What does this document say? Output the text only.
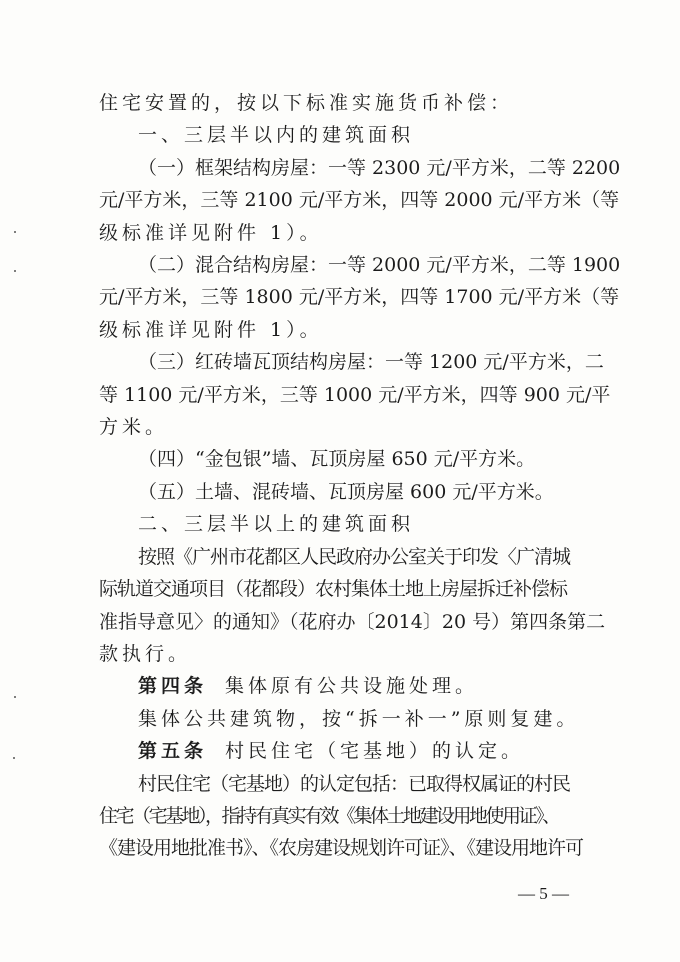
住宅安置的，按以下标准实施货币补偿：
一、三层半以内的建筑面积
（一）框架结构房屋：一等 2300 元/平方米，二等 2200
元/平方米，三等 2100 元/平方米，四等 2000 元/平方米（等
级标准详见附件 1）。
（二）混合结构房屋：一等 2000 元/平方米，二等 1900
元/平方米，三等 1800 元/平方米，四等 1700 元/平方米（等
级标准详见附件 1）。
（三）红砖墙瓦顶结构房屋：一等 1200 元/平方米，二
等 1100 元/平方米，三等 1000 元/平方米，四等 900 元/平
方米。
（四）“金包银”墙、瓦顶房屋 650 元/平方米。
（五）土墙、混砖墙、瓦顶房屋 600 元/平方米。
二、三层半以上的建筑面积
按照《广州市花都区人民政府办公室关于印发〈广清城
际轨道交通项目（花都段）农村集体土地上房屋拆迁补偿标
准指导意见〉的通知》（花府办〔2014〕20 号）第四条第二
款执行。
第四条 集体原有公共设施处理。
集体公共建筑物，按“拆一补一”原则复建。
第五条 村民住宅（宅基地）的认定。
村民住宅（宅基地）的认定包括：已取得权属证的村民
住宅（宅基地），指持有真实有效《集体土地建设用地使用证》、
《建设用地批准书》、《农房建设规划许可证》、《建设用地许可
— 5 —
